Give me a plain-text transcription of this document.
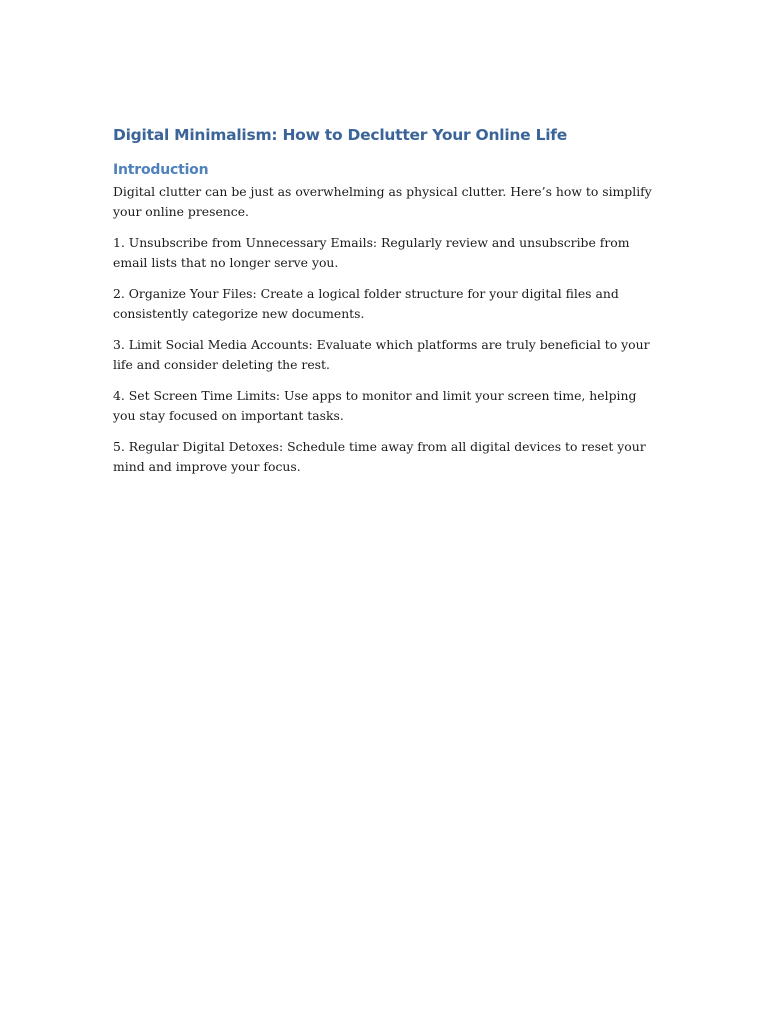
Digital Minimalism: How to Declutter Your Online Life
Introduction

Digital clutter can be just as overwhelming as physical clutter. Here’s how to simplify your online presence.

1. Unsubscribe from Unnecessary Emails: Regularly review and unsubscribe from email lists that no longer serve you.

2. Organize Your Files: Create a logical folder structure for your digital files and consistently categorize new documents.

3. Limit Social Media Accounts: Evaluate which platforms are truly beneficial to your life and consider deleting the rest.

4. Set Screen Time Limits: Use apps to monitor and limit your screen time, helping you stay focused on important tasks.

5. Regular Digital Detoxes: Schedule time away from all digital devices to reset your mind and improve your focus.
